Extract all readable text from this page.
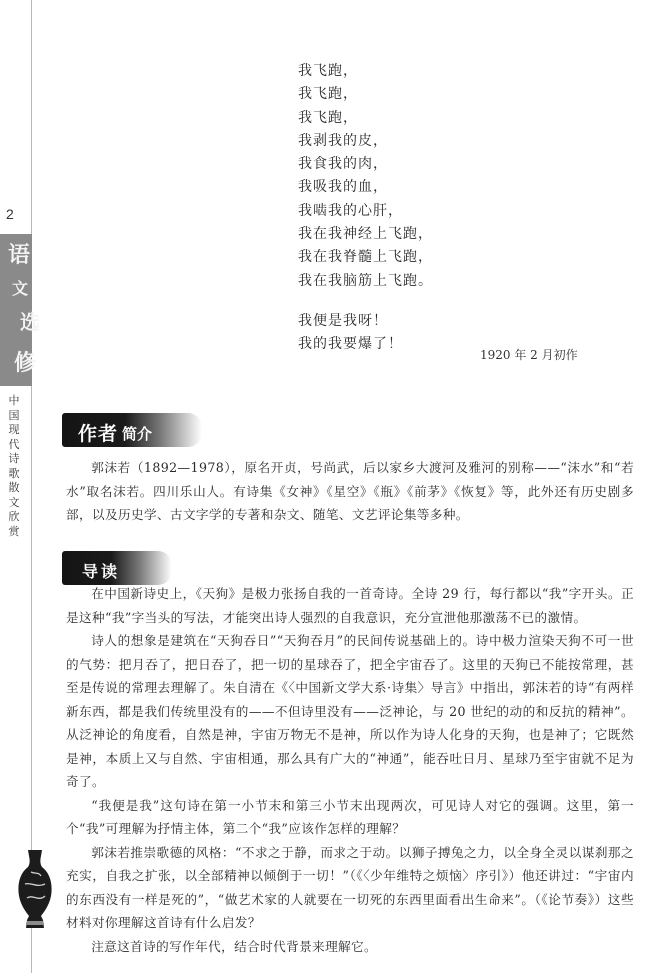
2
语
文
选
修
中国现代诗歌散文欣赏
我飞跑，
我飞跑，
我飞跑，
我剥我的皮，
我食我的肉，
我吸我的血，
我啮我的心肝，
我在我神经上飞跑，
我在我脊髓上飞跑，
我在我脑筋上飞跑。
我便是我呀！
我的我要爆了！
1920 年 2 月初作
作者 简介

郭沫若（1892—1978），原名开贞，号尚武，后以家乡大渡河及雅河的别称——“沫水”和“若水”取名沫若。四川乐山人。有诗集《女神》《星空》《瓶》《前茅》《恢复》等，此外还有历史剧多部，以及历史学、古文字学的专著和杂文、随笔、文艺评论集等多种。

导读

在中国新诗史上，《天狗》是极力张扬自我的一首奇诗。全诗 29 行，每行都以“我”字开头。正是这种“我”字当头的写法，才能突出诗人强烈的自我意识，充分宣泄他那激荡不已的激情。

诗人的想象是建筑在“天狗吞日”“天狗吞月”的民间传说基础上的。诗中极力渲染天狗不可一世的气势：把月吞了，把日吞了，把一切的星球吞了，把全宇宙吞了。这里的天狗已不能按常理，甚至是传说的常理去理解了。朱自清在《〈中国新文学大系·诗集〉导言》中指出，郭沫若的诗“有两样新东西，都是我们传统里没有的——不但诗里没有——泛神论，与 20 世纪的动的和反抗的精神”。从泛神论的角度看，自然是神，宇宙万物无不是神，所以作为诗人化身的天狗，也是神了；它既然是神，本质上又与自然、宇宙相通，那么具有广大的“神通”，能吞吐日月、星球乃至宇宙就不足为奇了。

“我便是我”这句诗在第一小节末和第三小节末出现两次，可见诗人对它的强调。这里，第一个“我”可理解为抒情主体，第二个“我”应该作怎样的理解？

郭沫若推崇歌德的风格：“不求之于静，而求之于动。以狮子搏兔之力，以全身全灵以谋刹那之充实，自我之扩张，以全部精神以倾倒于一切！”（《〈少年维特之烦恼〉序引》）他还讲过：“宇宙内的东西没有一样是死的”，“做艺术家的人就要在一切死的东西里面看出生命来”。（《论节奏》）这些材料对你理解这首诗有什么启发？

注意这首诗的写作年代，结合时代背景来理解它。
